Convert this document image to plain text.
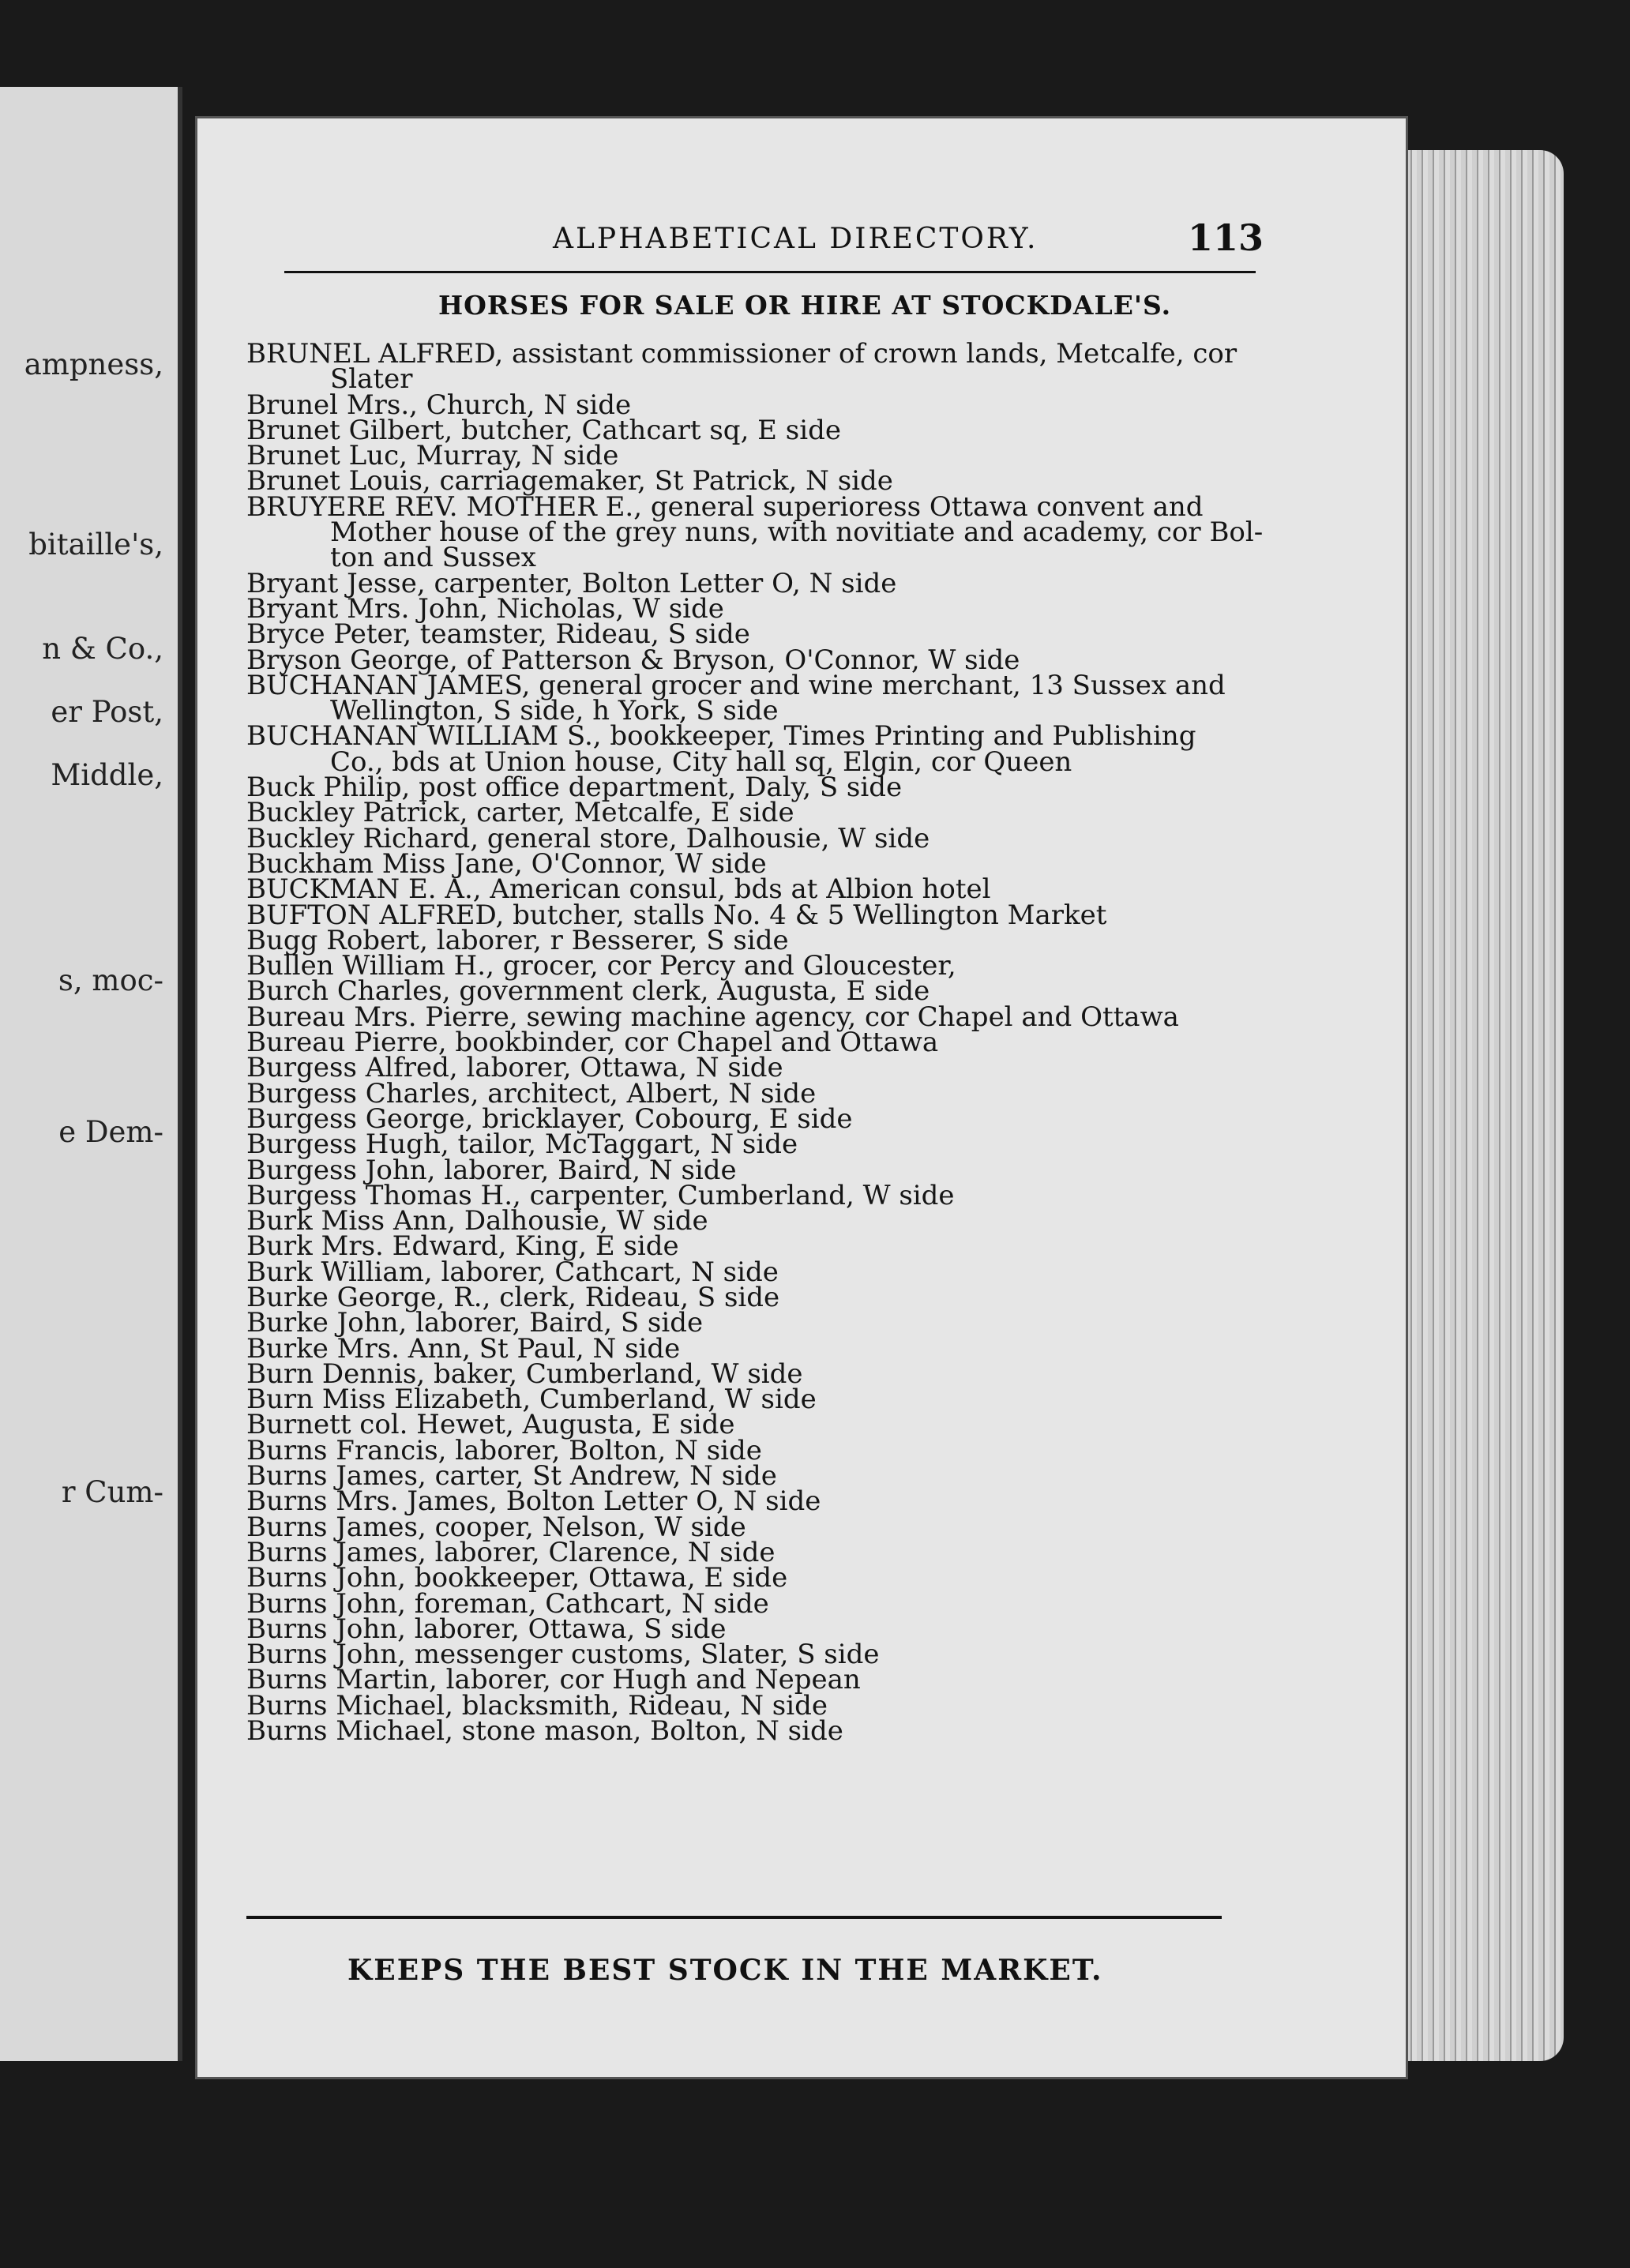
ampness,
bitaille's,
n & Co.,
er Post,
Middle,
s, moc-
e Dem-
r Cum-
ALPHABETICAL DIRECTORY.	113
HORSES FOR SALE OR HIRE AT STOCKDALE'S.
KEEPS THE BEST STOCK IN THE MARKET.
BRUNEL ALFRED, assistant commissioner of crown lands, Metcalfe, cor
Slater
Brunel Mrs., Church, N side
Brunet Gilbert, butcher, Cathcart sq, E side
Brunet Luc, Murray, N side
Brunet Louis, carriagemaker, St Patrick, N side
BRUYERE REV. MOTHER E., general superioress Ottawa convent and
Mother house of the grey nuns, with novitiate and academy, cor Bol-
ton and Sussex
Bryant Jesse, carpenter, Bolton Letter O, N side
Bryant Mrs. John, Nicholas, W side
Bryce Peter, teamster, Rideau, S side
Bryson George, of Patterson & Bryson, O'Connor, W side
BUCHANAN JAMES, general grocer and wine merchant, 13 Sussex and
Wellington, S side, h York, S side
BUCHANAN WILLIAM S., bookkeeper, Times Printing and Publishing
Co., bds at Union house, City hall sq, Elgin, cor Queen
Buck Philip, post office department, Daly, S side
Buckley Patrick, carter, Metcalfe, E side
Buckley Richard, general store, Dalhousie, W side
Buckham Miss Jane, O'Connor, W side
BUCKMAN E. A., American consul, bds at Albion hotel
BUFTON ALFRED, butcher, stalls No. 4 & 5 Wellington Market
Bugg Robert, laborer, r Besserer, S side
Bullen William H., grocer, cor Percy and Gloucester,
Burch Charles, government clerk, Augusta, E side
Bureau Mrs. Pierre, sewing machine agency, cor Chapel and Ottawa
Bureau Pierre, bookbinder, cor Chapel and Ottawa
Burgess Alfred, laborer, Ottawa, N side
Burgess Charles, architect, Albert, N side
Burgess George, bricklayer, Cobourg, E side
Burgess Hugh, tailor, McTaggart, N side
Burgess John, laborer, Baird, N side
Burgess Thomas H., carpenter, Cumberland, W side
Burk Miss Ann, Dalhousie, W side
Burk Mrs. Edward, King, E side
Burk William, laborer, Cathcart, N side
Burke George, R., clerk, Rideau, S side
Burke John, laborer, Baird, S side
Burke Mrs. Ann, St Paul, N side
Burn Dennis, baker, Cumberland, W side
Burn Miss Elizabeth, Cumberland, W side
Burnett col. Hewet, Augusta, E side
Burns Francis, laborer, Bolton, N side
Burns James, carter, St Andrew, N side
Burns Mrs. James, Bolton Letter O, N side
Burns James, cooper, Nelson, W side
Burns James, laborer, Clarence, N side
Burns John, bookkeeper, Ottawa, E side
Burns John, foreman, Cathcart, N side
Burns John, laborer, Ottawa, S side
Burns John, messenger customs, Slater, S side
Burns Martin, laborer, cor Hugh and Nepean
Burns Michael, blacksmith, Rideau, N side
Burns Michael, stone mason, Bolton, N side
